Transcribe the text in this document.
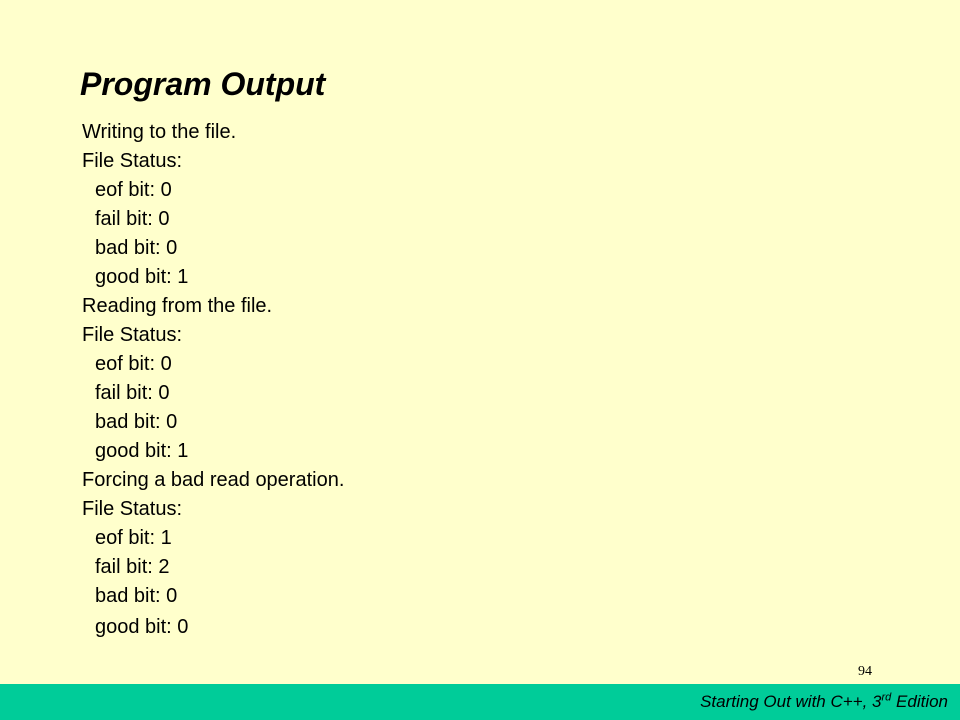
Program Output
Writing to the file.
File Status:
eof bit: 0
fail bit: 0
bad bit: 0
good bit: 1
Reading from the file.
File Status:
eof bit: 0
fail bit: 0
bad bit: 0
good bit: 1
Forcing a bad read operation.
File Status:
eof bit: 1
fail bit: 2
bad bit: 0
good bit: 0
94
Starting Out with C++, 3rd Edition
